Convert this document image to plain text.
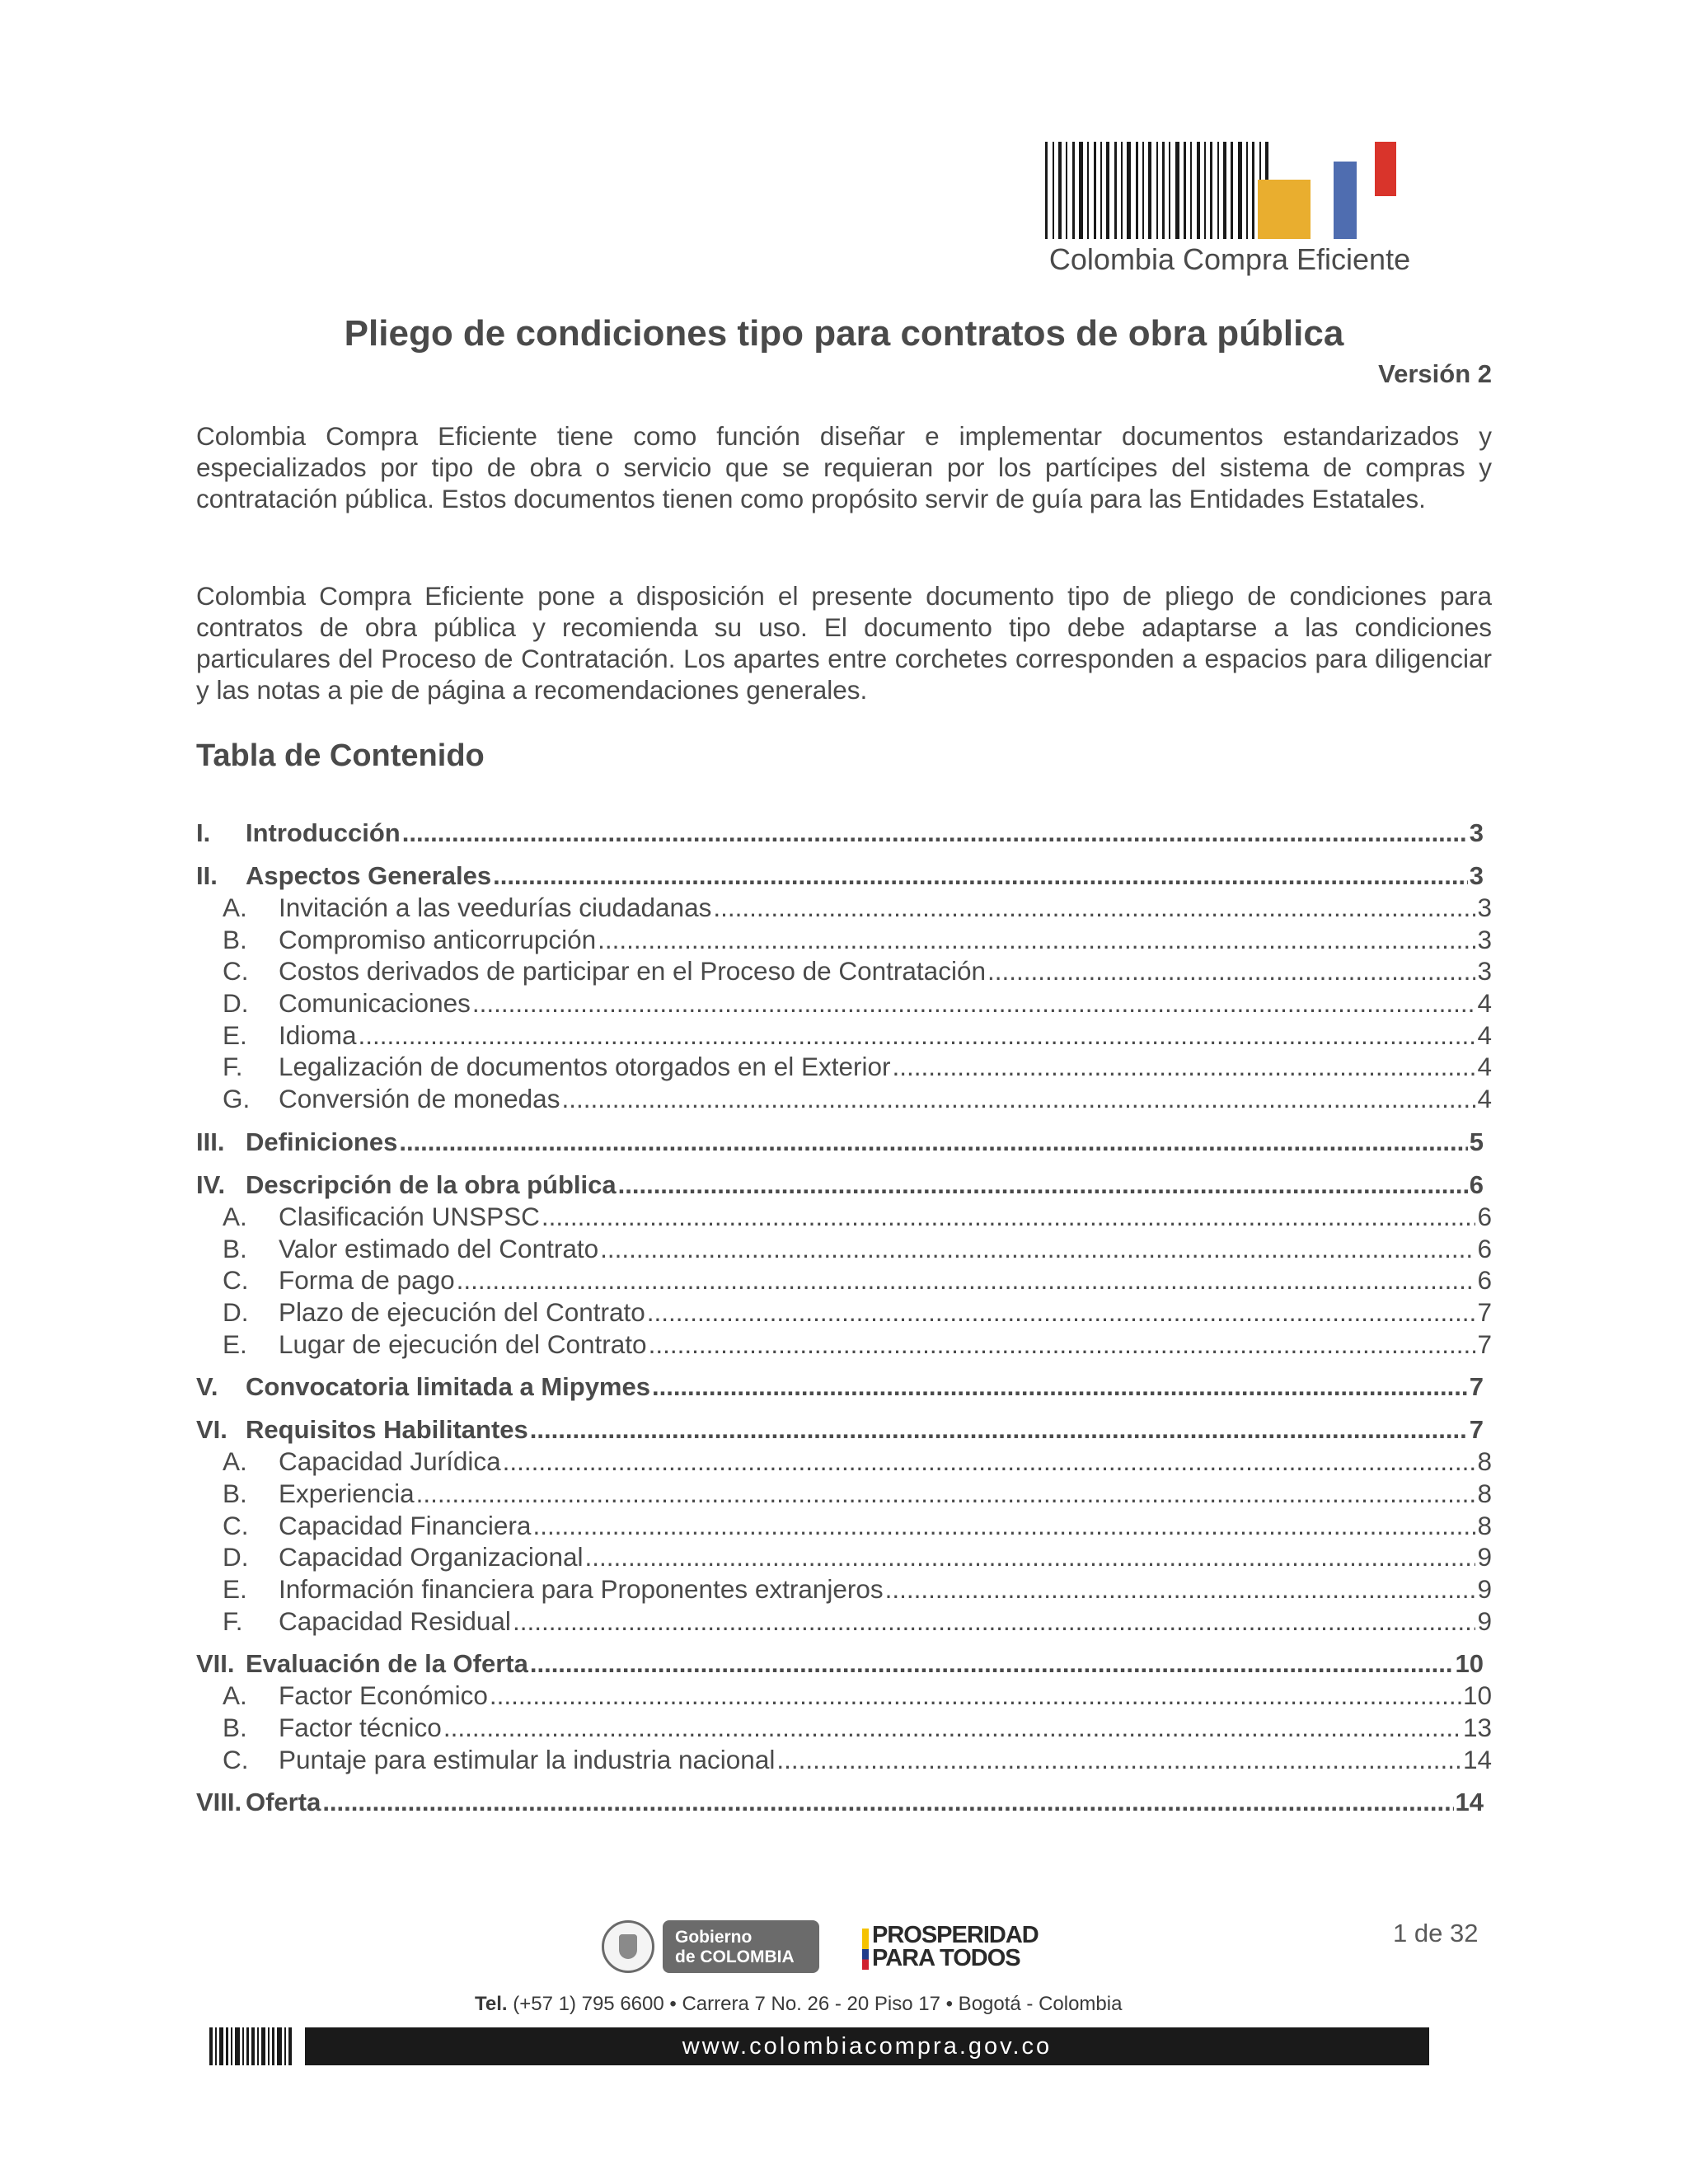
Colombia Compra Eficiente
Pliego de condiciones tipo para contratos de obra pública
Versión 2

Colombia Compra Eficiente tiene como función diseñar e implementar documentos estandarizados y especializados por tipo de obra o servicio que se requieran por los partícipes del sistema de compras y contratación pública. Estos documentos tienen como propósito servir de guía para las Entidades Estatales.

Colombia Compra Eficiente pone a disposición el presente documento tipo de pliego de condiciones para contratos de obra pública y recomienda su uso. El documento tipo debe adaptarse a las condiciones particulares del Proceso de Contratación. Los apartes entre corchetes corresponden a espacios para diligenciar y las notas a pie de página a recomendaciones generales.

Tabla de Contenido
I.	Introducción .....	3
II.	Aspectos Generales .....	3
A.	Invitación a las veedurías ciudadanas .....	3
B.	Compromiso anticorrupción .....	3
C.	Costos derivados de participar en el Proceso de Contratación .....	3
D.	Comunicaciones .....	4
E.	Idioma .....	4
F.	Legalización de documentos otorgados en el Exterior .....	4
G.	Conversión de monedas .....	4
III. Definiciones .....	5
IV. Descripción de la obra pública .....	6
A.	Clasificación UNSPSC .....	6
B.	Valor estimado del Contrato .....	6
C.	Forma de pago .....	6
D.	Plazo de ejecución del Contrato .....	7
E.	Lugar de ejecución del Contrato .....	7
V.	Convocatoria limitada a Mipymes .....	7
VI. Requisitos Habilitantes .....	7
A.	Capacidad Jurídica .....	8
B.	Experiencia .....	8
C.	Capacidad Financiera .....	8
D.	Capacidad Organizacional .....	9
E.	Información financiera para Proponentes extranjeros .....	9
F.	Capacidad Residual .....	9
VII. Evaluación de la Oferta .....	10
A.	Factor Económico .....	10
B.	Factor técnico .....	13
C.	Puntaje para estimular la industria nacional .....	14
VIII. Oferta .....	14
Gobierno
de COLOMBIA
PROSPERIDAD
PARA TODOS
1 de 32
Tel. (+57 1) 795 6600 • Carrera 7 No. 26 - 20 Piso 17 • Bogotá - Colombia
www.colombiacompra.gov.co
